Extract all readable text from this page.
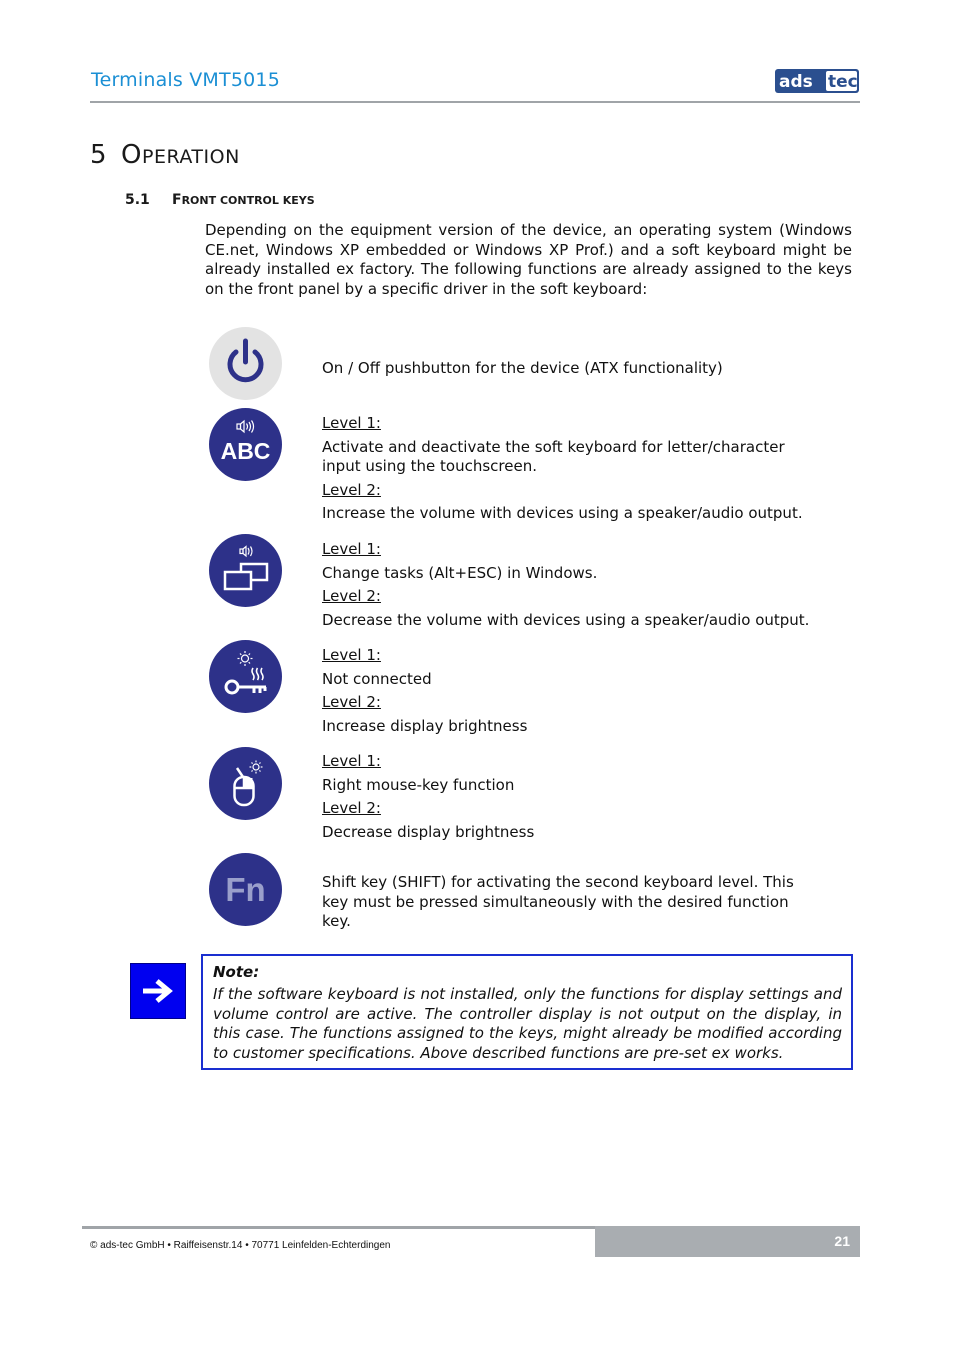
Terminals VMT5015	ads tec
5 OPERATION
5.1 FRONT CONTROL KEYS

Depending on the equipment version of the device, an operating system (Windows CE.net, Windows XP embedded or Windows XP Prof.) and a soft keyboard might be already installed ex factory. The following functions are already assigned to the keys on the front panel by a specific driver in the soft keyboard:

On / Off pushbutton for the device (ATX functionality)

ABC
Level 1:
Activate and deactivate the soft keyboard for letter/character input using the touchscreen.
Level 2:
Increase the volume with devices using a speaker/audio output.
Level 1:
Change tasks (Alt+ESC) in Windows.
Level 2:
Decrease the volume with devices using a speaker/audio output.
Level 1:
Not connected
Level 2:
Increase display brightness
Level 1:
Right mouse-key function
Level 2:
Decrease display brightness
Fn	Shift key (SHIFT) for activating the second keyboard level. This key must be pressed simultaneously with the desired function key.

Note:

If the software keyboard is not installed, only the functions for display settings and volume control are active. The controller display is not output on the display, in this case. The functions assigned to the keys, might already be modified according to customer specifications. Above described functions are pre-set ex works.

21
© ads-tec GmbH • Raiffeisenstr.14 • 70771 Leinfelden-Echterdingen
